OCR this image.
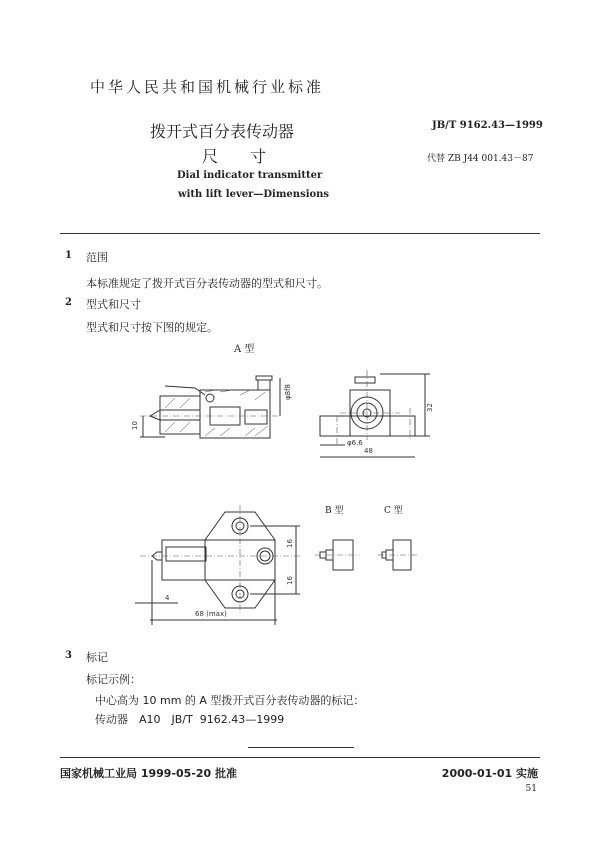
中华人民共和国机械行业标准
拨开式百分表传动器
尺　　寸
Dial indicator transmitter
with lift lever—Dimensions
JB/T 9162.43—1999
代替 ZB J44 001.43－87
1 范围
本标准规定了拨开式百分表传动器的型式和尺寸。
2 型式和尺寸
型式和尺寸按下图的规定。
A 型
10
φ8f8
32
φ6.6
48
16
16
4
68 (max)
B 型	C 型
3 标记
标记示例：
中心高为 10 mm 的 A 型拨开式百分表传动器的标记：
传动器　A10　JB/T  9162.43—1999
国家机械工业局 1999-05-20 批准	2000-01-01 实施
51
